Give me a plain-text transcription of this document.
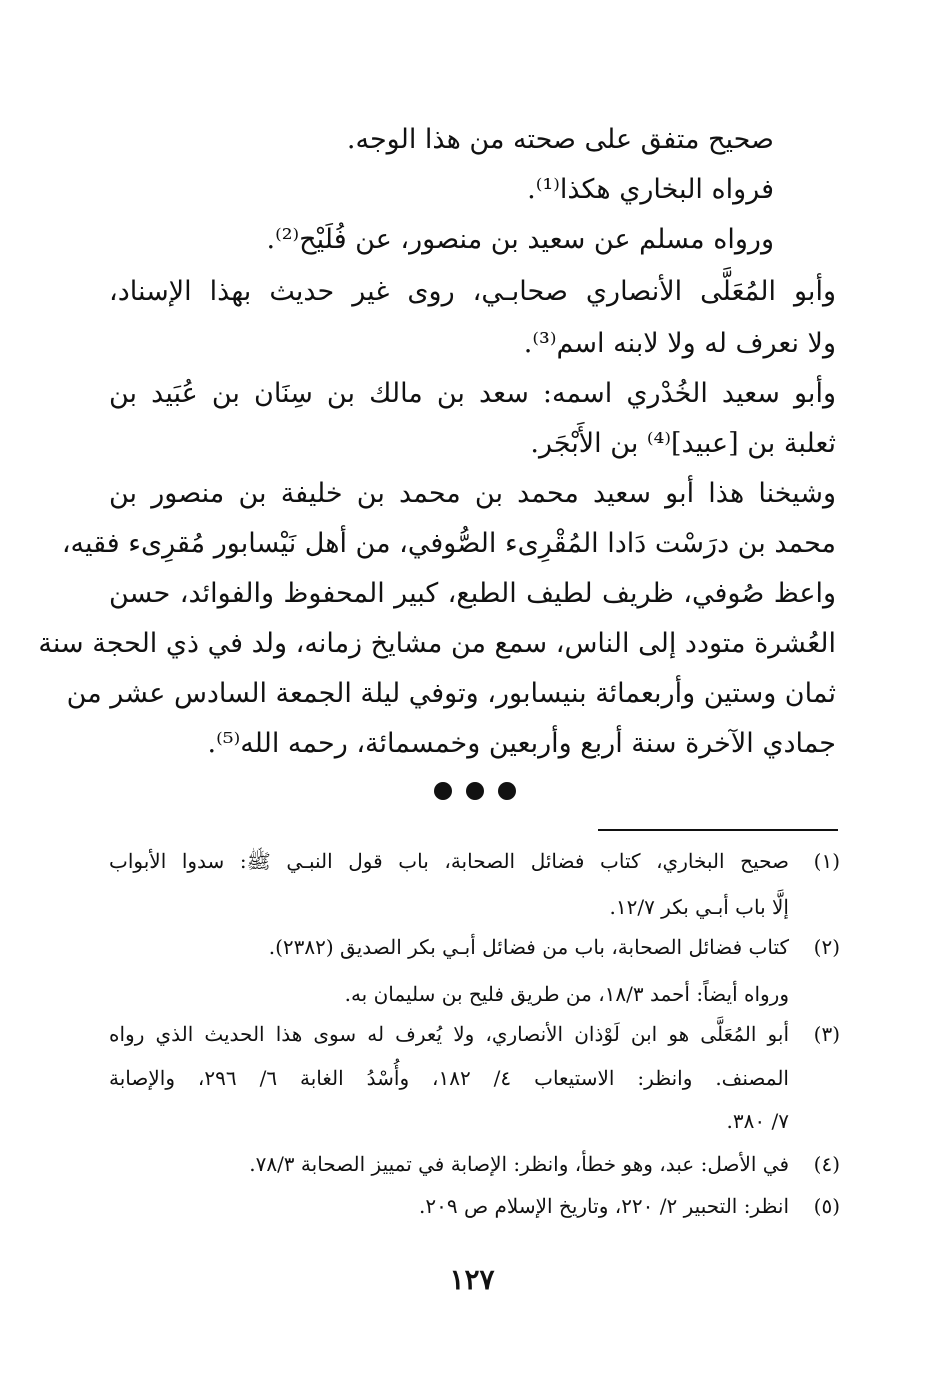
صحيح متفق على صحته من هذا الوجه.
فرواه البخاري هكذا⁽¹⁾.
ورواه مسلم عن سعيد بن منصور، عن فُلَيْح⁽²⁾.
وأبو المُعَلَّى الأنصاري صحابـي، روى غير حديث بهذا الإسناد،
ولا نعرف له ولا لابنه اسم⁽³⁾.
وأبو سعيد الخُدْري اسمه: سعد بن مالك بن سِنَان بن عُبَيد بن
ثعلبة بن [عبيد]⁽⁴⁾ بن الأَبْجَر.
وشيخنا هذا أبو سعيد محمد بن محمد بن خليفة بن منصور بن
محمد بن درَسْت دَادا المُقْرِىء الصُّوفي، من أهل نَيْسابور مُقرِىء فقيه،
واعظ صُوفي، ظريف لطيف الطبع، كبير المحفوظ والفوائد، حسن
العُشرة متودد إلى الناس، سمع من مشايخ زمانه، ولد في ذي الحجة سنة
ثمان وستين وأربعمائة بنيسابور، وتوفي ليلة الجمعة السادس عشر من
جمادي الآخرة سنة أربع وأربعين وخمسمائة، رحمه الله⁽⁵⁾.
(١)
صحيح البخاري، كتاب فضائل الصحابة، باب قول النبـي ﷺ: سدوا الأبواب
إلَّا باب أبـي بكر ١٢/٧.
(٢)
كتاب فضائل الصحابة، باب من فضائل أبـي بكر الصديق (٢٣٨٢).
ورواه أيضاً: أحمد ١٨/٣، من طريق فليح بن سليمان به.
(٣)
أبو المُعَلَّى هو ابن لَوْذان الأنصاري، ولا يُعرف له سوى هذا الحديث الذي رواه
المصنف. وانظر: الاستيعاب ٤/ ١٨٢، وأُسْدُ الغابة ٦/ ٢٩٦، والإصابة
٧/ ٣٨٠.
(٤)
في الأصل: عبد، وهو خطأ، وانظر: الإصابة في تمييز الصحابة ٧٨/٣.
(٥)
انظر: التحبير ٢/ ٢٢٠، وتاريخ الإسلام ص ٢٠٩.
١٢٧
